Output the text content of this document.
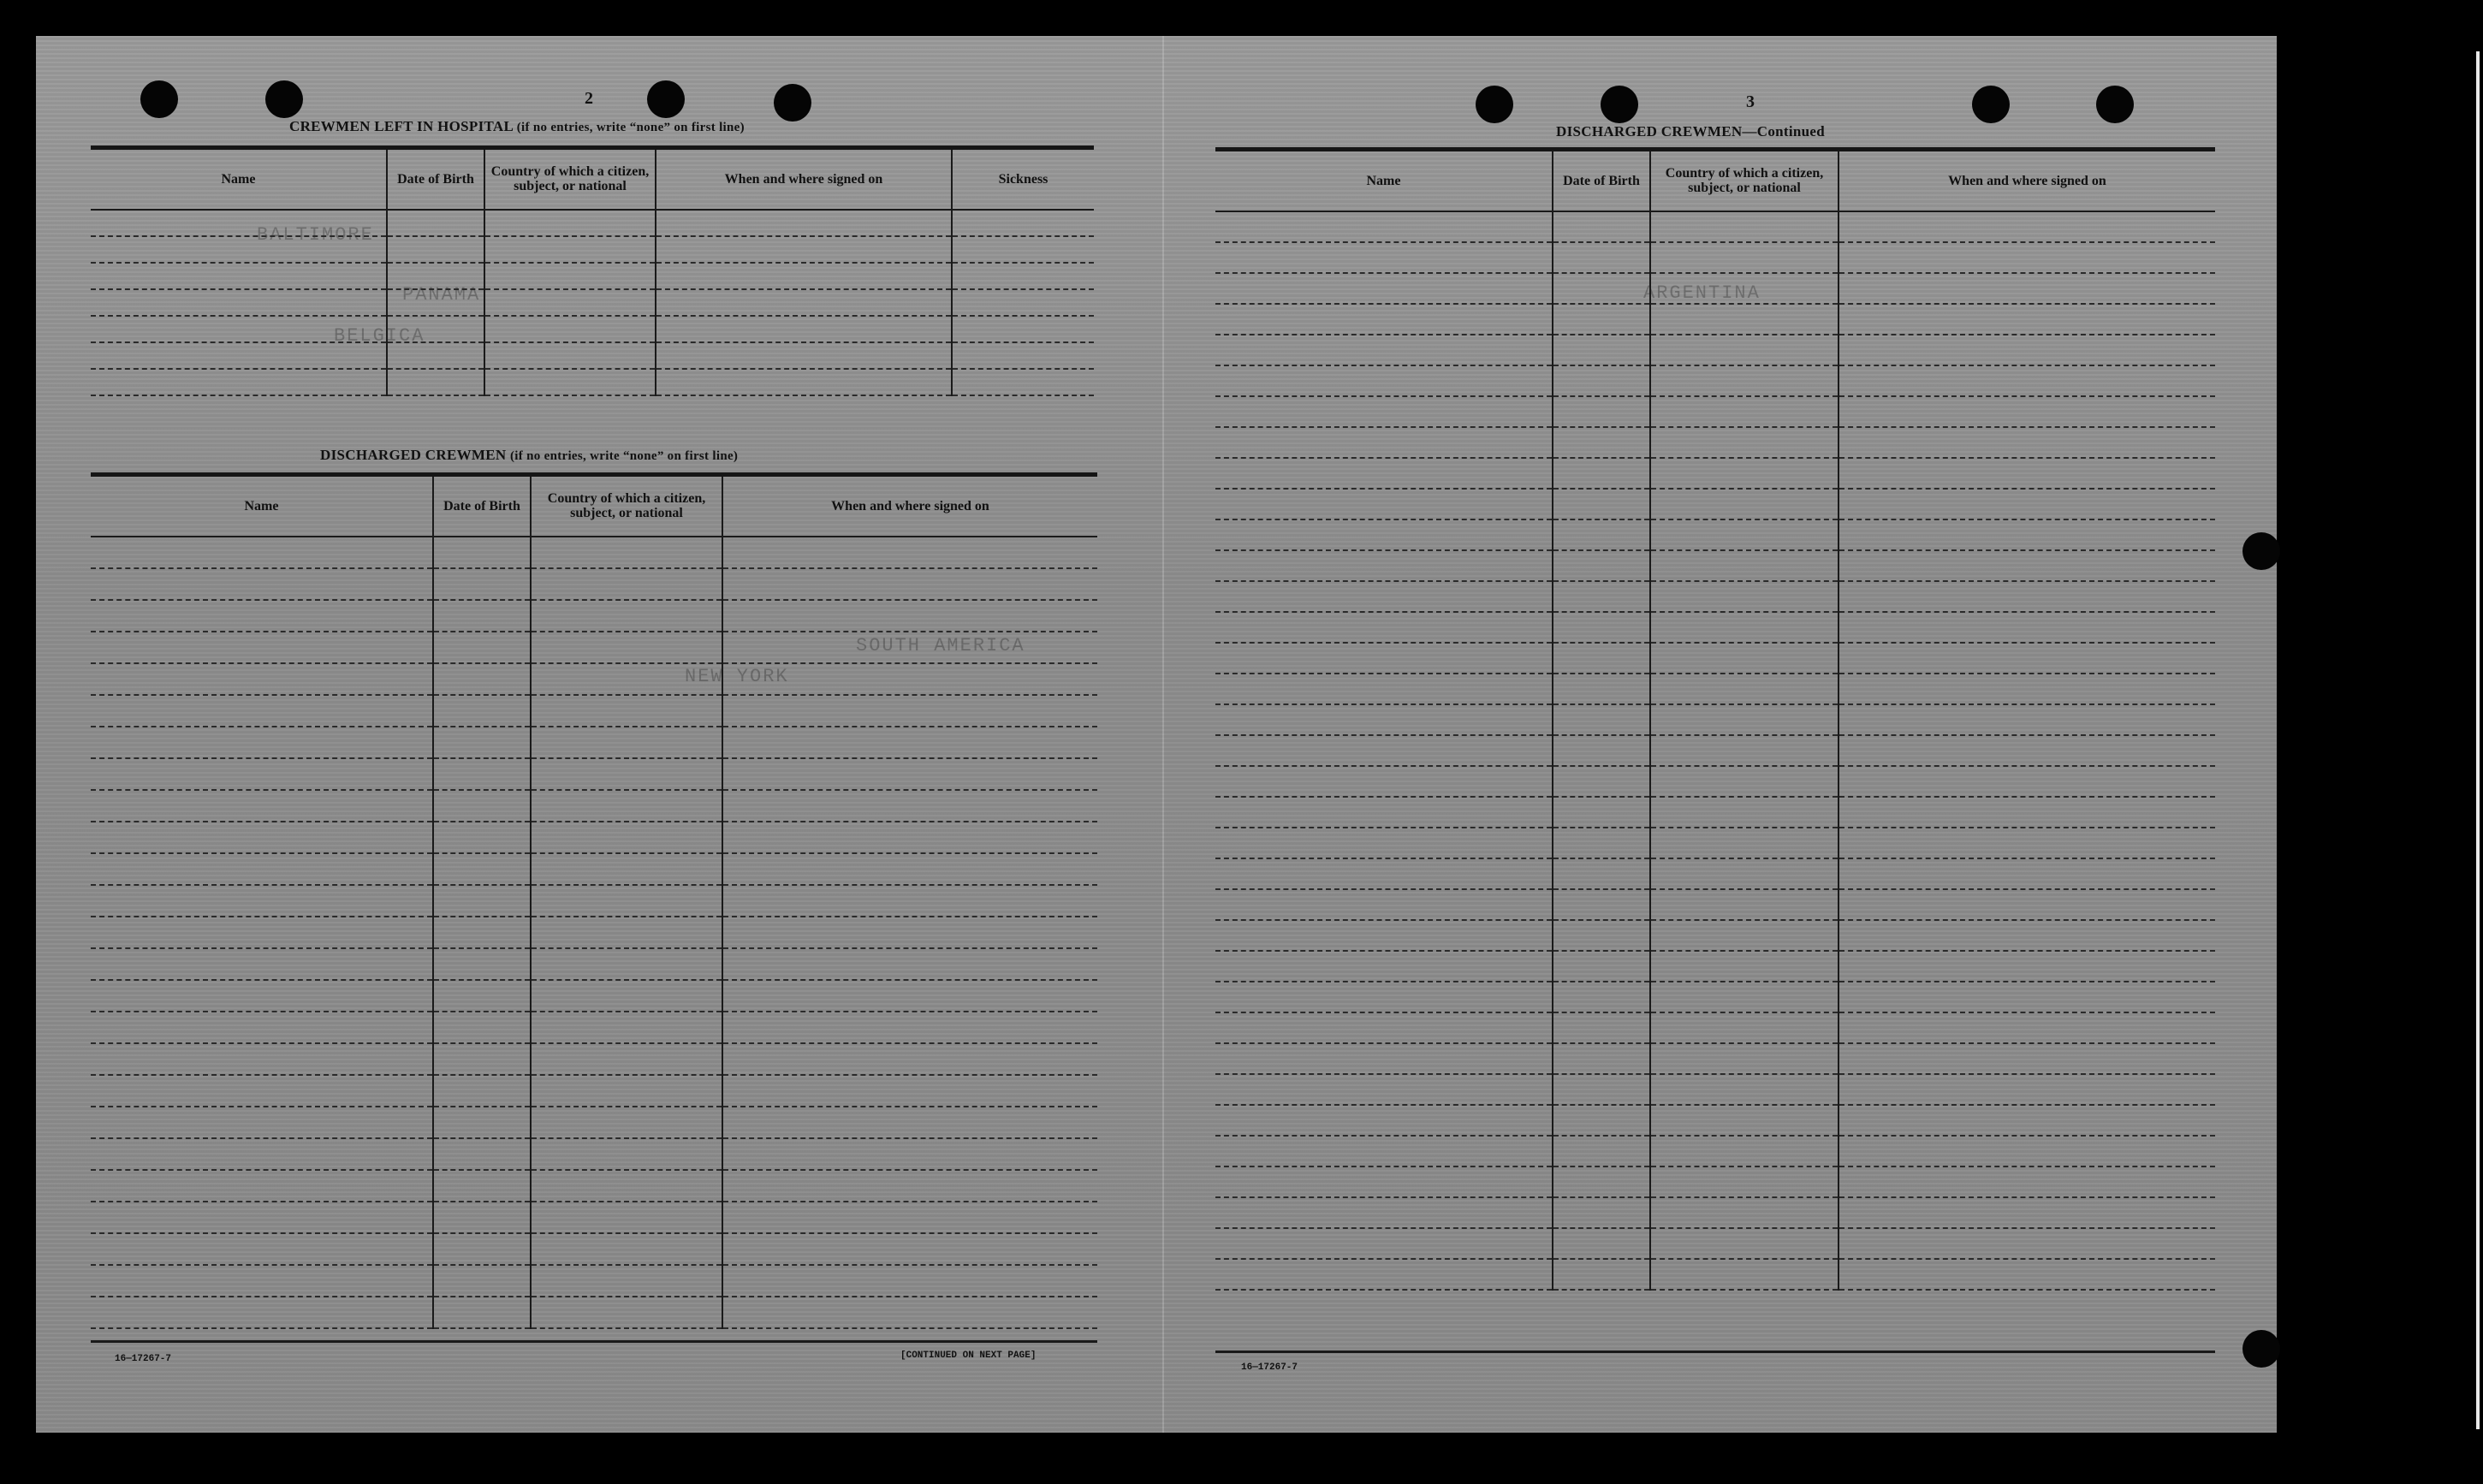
BALTIMORE
PANAMA
BELGICA
NEW YORK
SOUTH AMERICA
ARGENTINA
2
CREWMEN LEFT IN HOSPITAL (if no entries, write “none” on first line)
Name	Date of Birth	Country of which a citizen, subject, or national	When and where signed on	Sickness

DISCHARGED CREWMEN (if no entries, write “none” on first line)
Name	Date of Birth	Country of which a citizen, subject, or national	When and where signed on

16—17267-7	[CONTINUED ON NEXT PAGE]
3
DISCHARGED CREWMEN—Continued
Name	Date of Birth	Country of which a citizen, subject, or national	When and where signed on

16—17267-7
